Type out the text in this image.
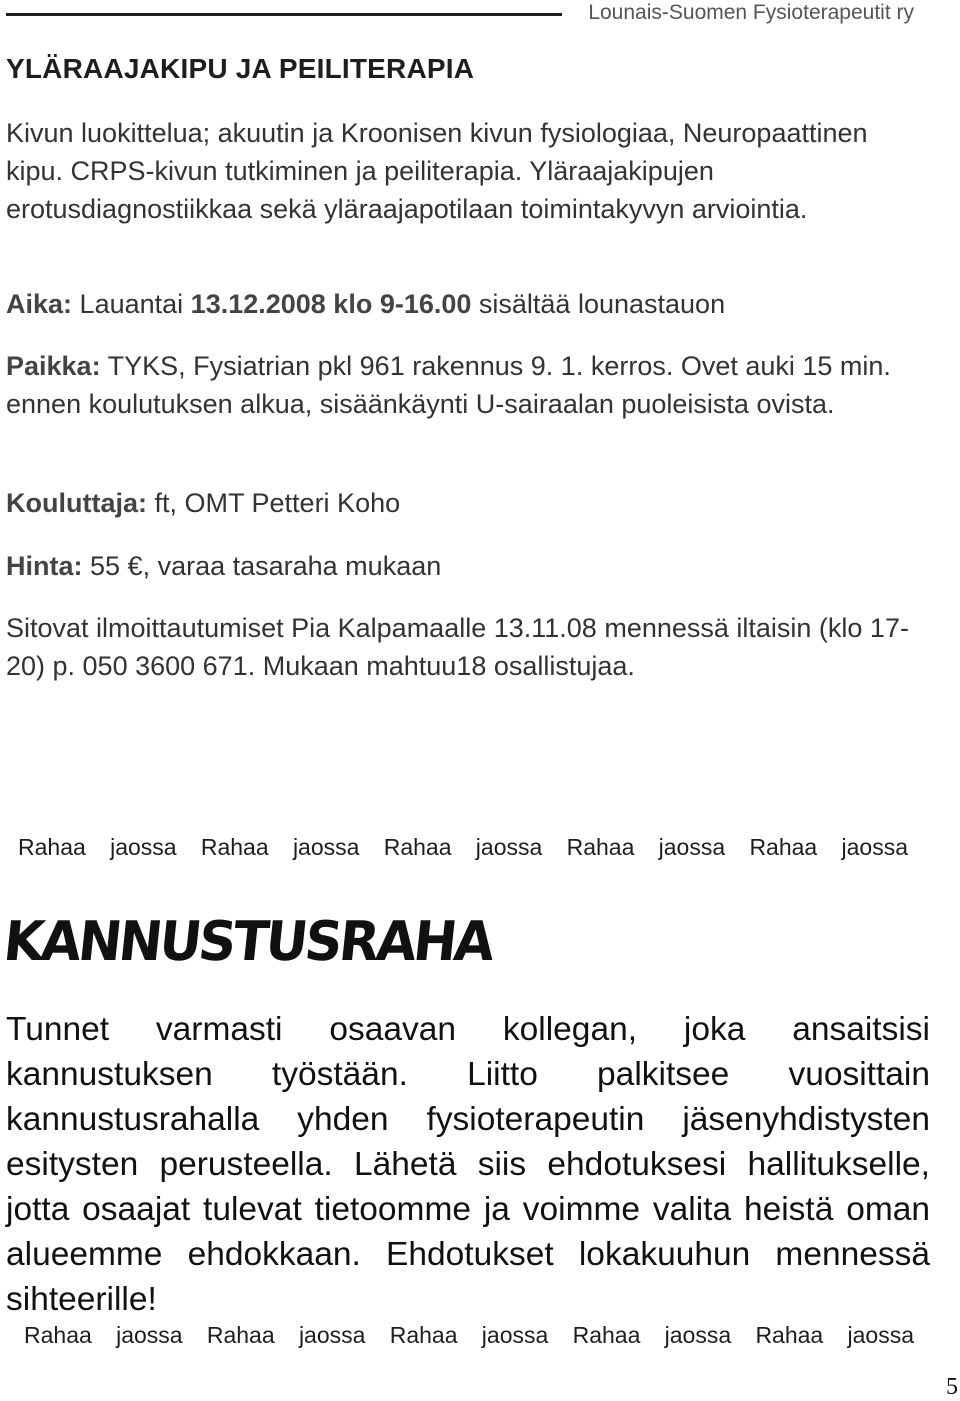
Lounais-Suomen Fysioterapeutit ry
YLÄRAAJAKIPU JA PEILITERAPIA
Kivun luokittelua; akuutin ja Kroonisen kivun fysiologiaa, Neuropaattinen kipu. CRPS-kivun tutkiminen ja peiliterapia. Yläraajakipujen erotusdiagnostiikkaa sekä yläraajapotilaan toimintakyvyn arviointia.
Aika: Lauantai 13.12.2008 klo 9-16.00 sisältää lounastauon
Paikka: TYKS, Fysiatrian pkl 961 rakennus 9. 1. kerros. Ovet auki 15 min. ennen koulutuksen alkua, sisäänkäynti U-sairaalan puoleisista ovista.
Kouluttaja: ft, OMT Petteri Koho
Hinta: 55 €, varaa tasaraha mukaan
Sitovat ilmoittautumiset Pia Kalpamaalle 13.11.08 mennessä iltaisin (klo 17-20) p. 050 3600 671. Mukaan mahtuu18 osallistujaa.
Rahaa jaossa Rahaa jaossa Rahaa jaossa Rahaa jaossa Rahaa jaossa
KANNUSTUSRAHA
Tunnet varmasti osaavan kollegan, joka ansaitsisi kannustuksen työstään. Liitto palkitsee vuosittain kannustusrahalla yhden fysioterapeutin jäsenyhdistysten esitysten perusteella. Lähetä siis ehdotuksesi hallitukselle, jotta osaajat tulevat tietoomme ja voimme valita heistä oman alueemme ehdokkaan. Ehdotukset lokakuuhun mennessä sihteerille!
Rahaa jaossa Rahaa jaossa Rahaa jaossa Rahaa jaossa Rahaa jaossa
5
